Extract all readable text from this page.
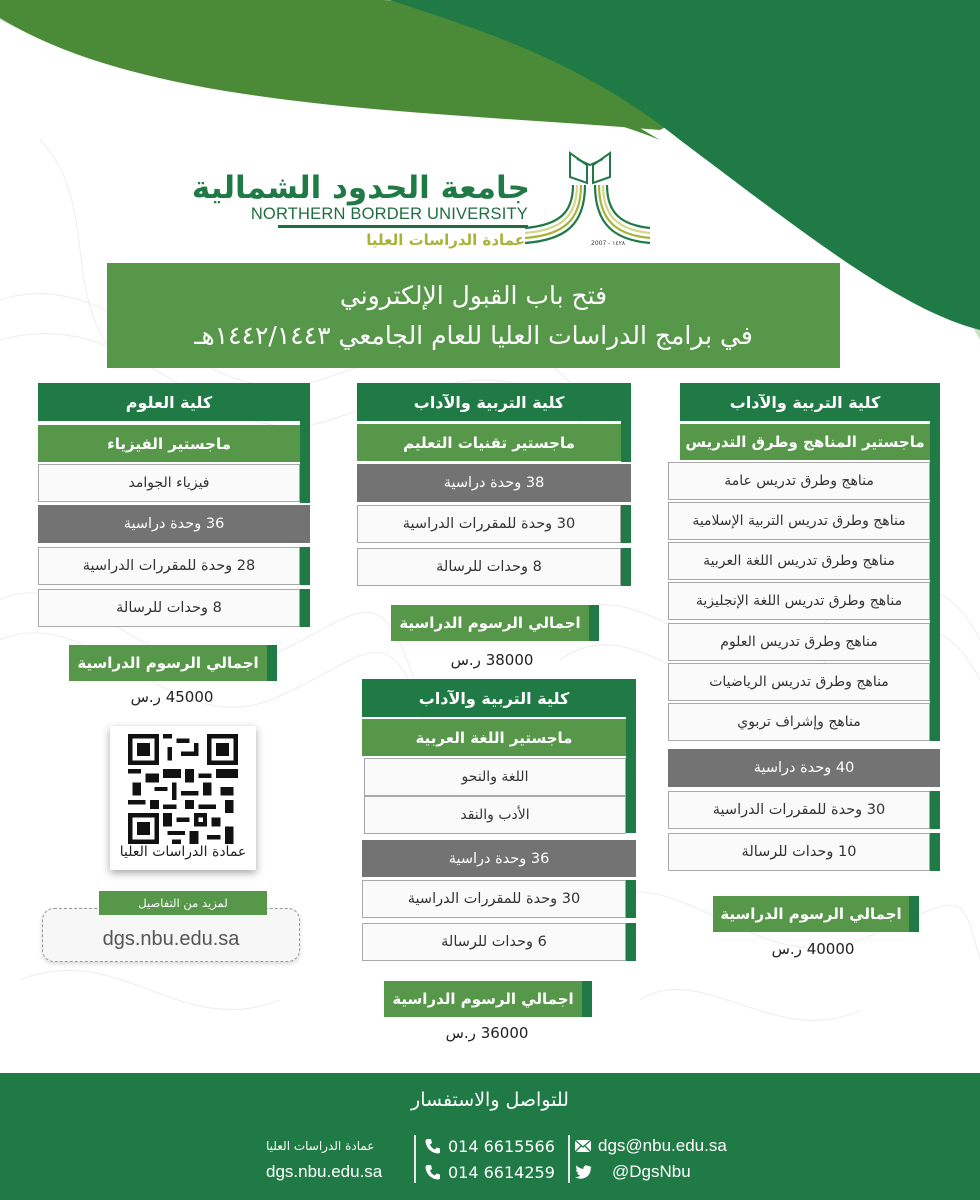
جامعة الحدود الشمالية
NORTHERN BORDER UNIVERSITY
عمادة الدراسات العليا	2007 - ١٤٢٨
فتح باب القبول الإلكتروني
في برامج الدراسات العليا للعام الجامعي ١٤٤٢/١٤٤٣هـ
كلية التربية والآداب
ماجستير المناهج وطرق التدريس
مناهج وطرق تدريس عامة
مناهج وطرق تدريس التربية الإسلامية
مناهج وطرق تدريس اللغة العربية
مناهج وطرق تدريس اللغة الإنجليزية
مناهج وطرق تدريس العلوم
مناهج وطرق تدريس الرياضيات
مناهج وإشراف تربوي
40 وحدة دراسية
30 وحدة للمقررات الدراسية
10 وحدات للرسالة
اجمالي الرسوم الدراسية
40000 ر.س
كلية التربية والآداب
ماجستير تقنيات التعليم
38 وحدة دراسية
30 وحدة للمقررات الدراسية
8 وحدات للرسالة
اجمالي الرسوم الدراسية
38000 ر.س
كلية التربية والآداب
ماجستير اللغة العربية
اللغة والنحو
الأدب والنقد
36 وحدة دراسية
30 وحدة للمقررات الدراسية
6 وحدات للرسالة
اجمالي الرسوم الدراسية
36000 ر.س
كلية العلوم
ماجستير الفيزياء
فيزياء الجوامد
36 وحدة دراسية
28 وحدة للمقررات الدراسية
8 وحدات للرسالة
اجمالي الرسوم الدراسية
45000 ر.س
عمادة الدراسات العليا
لمزيد من التفاصيل
dgs.nbu.edu.sa
للتواصل والاستفسار
عمادة الدراسات العليا
dgs.nbu.edu.sa
014 6615566
014 6614259
dgs@nbu.edu.sa
@DgsNbu
